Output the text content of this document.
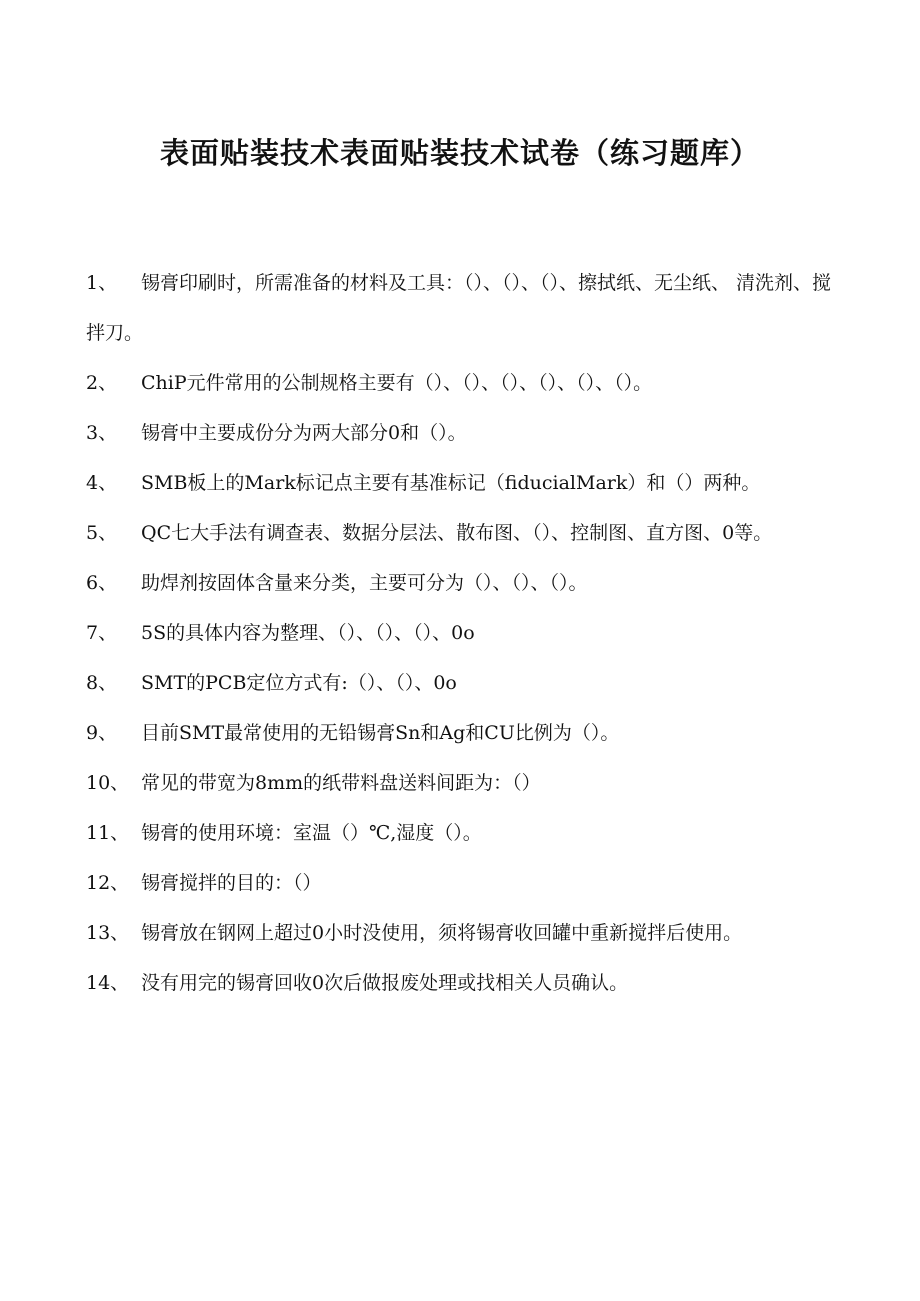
表面贴装技术表面贴装技术试卷（练习题库）
1、 锡膏印刷时，所需准备的材料及工具：（）、（）、（）、擦拭纸、无尘纸、 清洗剂、搅拌刀。
2、 ChiP元件常用的公制规格主要有（）、（）、（）、（）、（）、（）。
3、 锡膏中主要成份分为两大部分0和（）。
4、 SMB板上的Mark标记点主要有基准标记（fiducialMark）和（）两种。
5、 QC七大手法有调查表、数据分层法、散布图、（）、控制图、直方图、0等。
6、 助焊剂按固体含量来分类，主要可分为（）、（）、（）。
7、 5S的具体内容为整理、（）、（）、（）、0o
8、 SMT的PCB定位方式有:（）、（）、0o
9、 目前SMT最常使用的无铅锡膏Sn和Ag和CU比例为（）。
10、 常见的带宽为8mm的纸带料盘送料间距为：（）
11、 锡膏的使用环境：室温（）℃,湿度（）。
12、 锡膏搅拌的目的：（）
13、 锡膏放在钢网上超过0小时没使用，须将锡膏收回罐中重新搅拌后使用。
14、 没有用完的锡膏回收0次后做报废处理或找相关人员确认。
